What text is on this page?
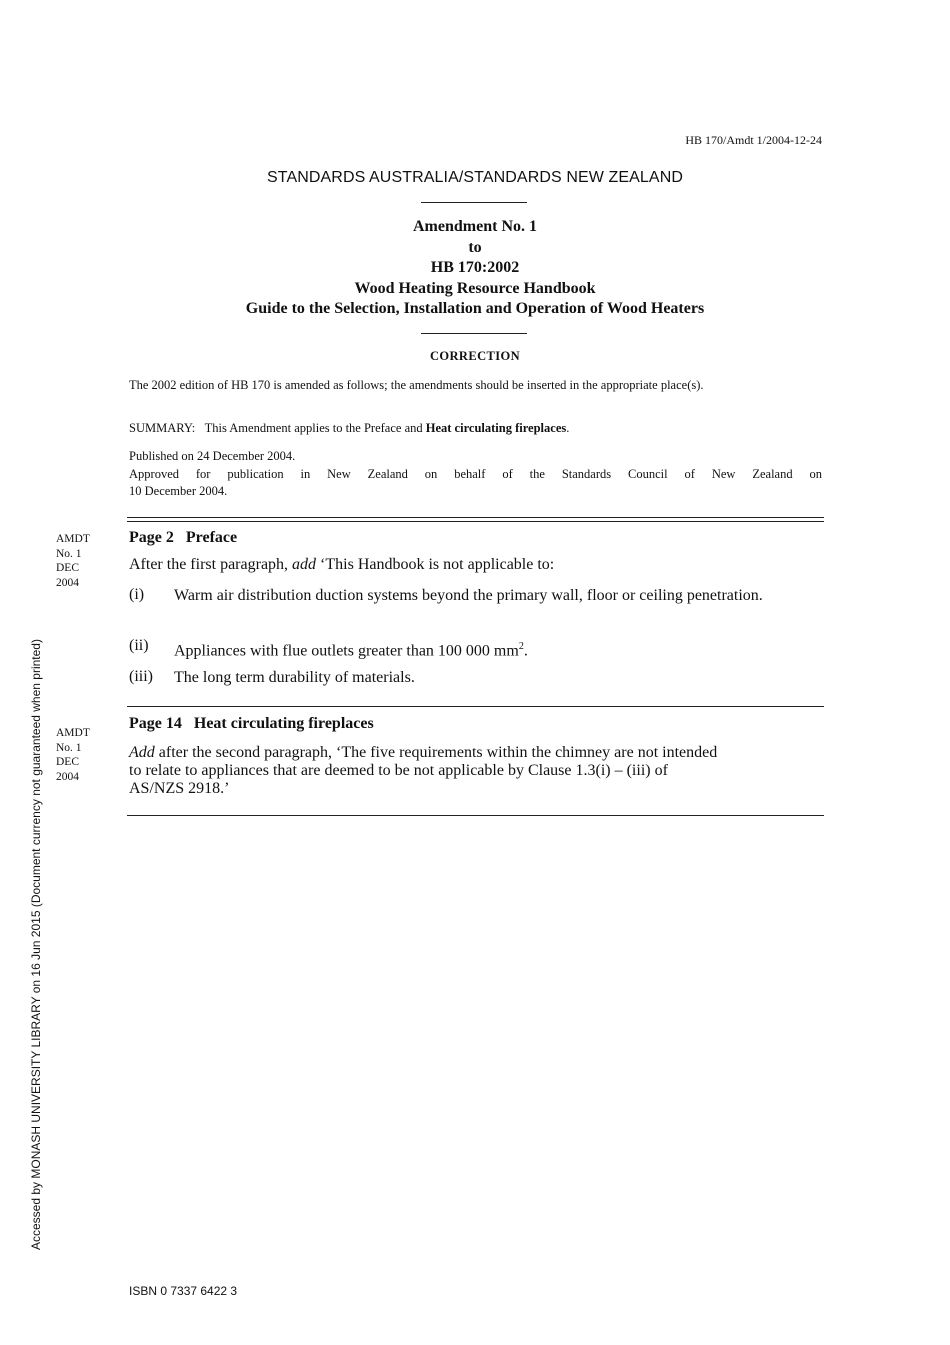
HB 170/Amdt 1/2004-12-24
STANDARDS AUSTRALIA/STANDARDS NEW ZEALAND
Amendment No. 1
to
HB 170:2002
Wood Heating Resource Handbook
Guide to the Selection, Installation and Operation of Wood Heaters
CORRECTION
The 2002 edition of HB 170 is amended as follows; the amendments should be inserted in the appropriate place(s).
SUMMARY: This Amendment applies to the Preface and Heat circulating fireplaces.
Published on 24 December 2004.
Approved for publication in New Zealand on behalf of the Standards Council of New Zealand on
10 December 2004.
AMDT
No. 1
DEC
2004
Page 2   Preface
After the first paragraph, add ‘This Handbook is not applicable to:
(i) Warm air distribution duction systems beyond the primary wall, floor or ceiling penetration.
(ii) Appliances with flue outlets greater than 100 000 $mm^2$.
(iii) The long term durability of materials.
AMDT
No. 1
DEC
2004
Page 14   Heat circulating fireplaces
Add after the second paragraph, ‘The five requirements within the chimney are not intended
to relate to appliances that are deemed to be not applicable by Clause 1.3(i) – (iii) of
AS/NZS 2918.’
Accessed by MONASH UNIVERSITY LIBRARY on 16 Jun 2015 (Document currency not guaranteed when printed)
ISBN 0 7337 6422 3
